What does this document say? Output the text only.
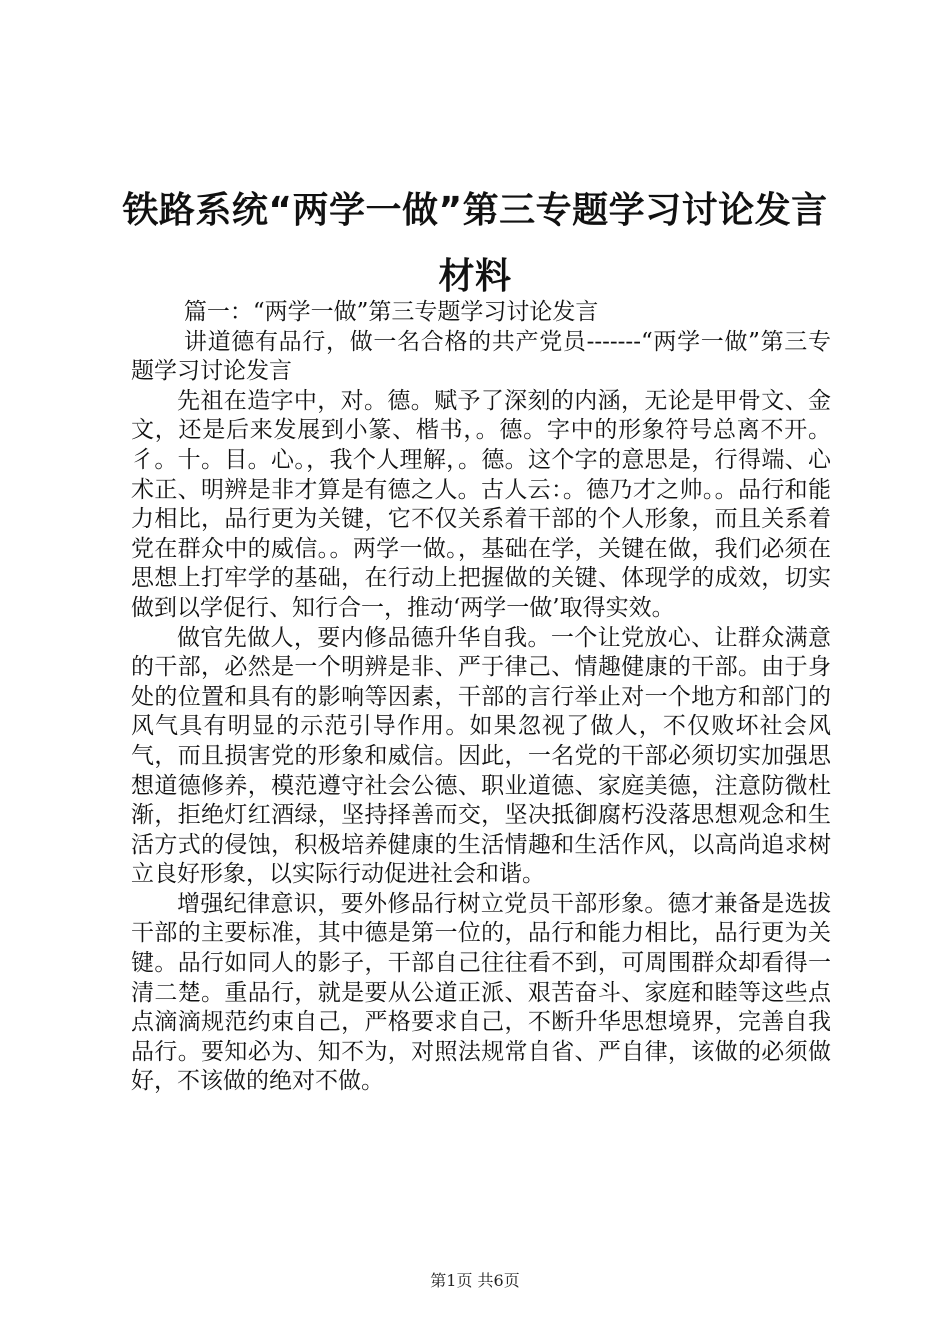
铁路系统“两学一做”第三专题学习讨论发言材料

篇一：“两学一做”第三专题学习讨论发言

讲道德有品行，做一名合格的共产党员-------“两学一做”第三专题学习讨论发言

先祖在造字中，对。德。赋予了深刻的内涵，无论是甲骨文、金文，还是后来发展到小篆、楷书，。德。字中的形象符号总离不开。彳。十。目。心。，我个人理解，。德。这个字的意思是，行得端、心术正、明辨是非才算是有德之人。古人云：。德乃才之帅。。品行和能力相比，品行更为关键，它不仅关系着干部的个人形象，而且关系着党在群众中的威信。。两学一做。，基础在学，关键在做，我们必须在思想上打牢学的基础，在行动上把握做的关键、体现学的成效，切实做到以学促行、知行合一，推动‘两学一做’取得实效。

做官先做人，要内修品德升华自我。一个让党放心、让群众满意的干部，必然是一个明辨是非、严于律己、情趣健康的干部。由于身处的位置和具有的影响等因素，干部的言行举止对一个地方和部门的风气具有明显的示范引导作用。如果忽视了做人，不仅败坏社会风气，而且损害党的形象和威信。因此，一名党的干部必须切实加强思想道德修养，模范遵守社会公德、职业道德、家庭美德，注意防微杜渐，拒绝灯红酒绿，坚持择善而交，坚决抵御腐朽没落思想观念和生活方式的侵蚀，积极培养健康的生活情趣和生活作风，以高尚追求树立良好形象，以实际行动促进社会和谐。

增强纪律意识，要外修品行树立党员干部形象。德才兼备是选拔干部的主要标准，其中德是第一位的，品行和能力相比，品行更为关键。品行如同人的影子，干部自己往往看不到，可周围群众却看得一清二楚。重品行，就是要从公道正派、艰苦奋斗、家庭和睦等这些点点滴滴规范约束自己，严格要求自己，不断升华思想境界，完善自我品行。要知必为、知不为，对照法规常自省、严自律，该做的必须做好，不该做的绝对不做。

第1页 共6页
